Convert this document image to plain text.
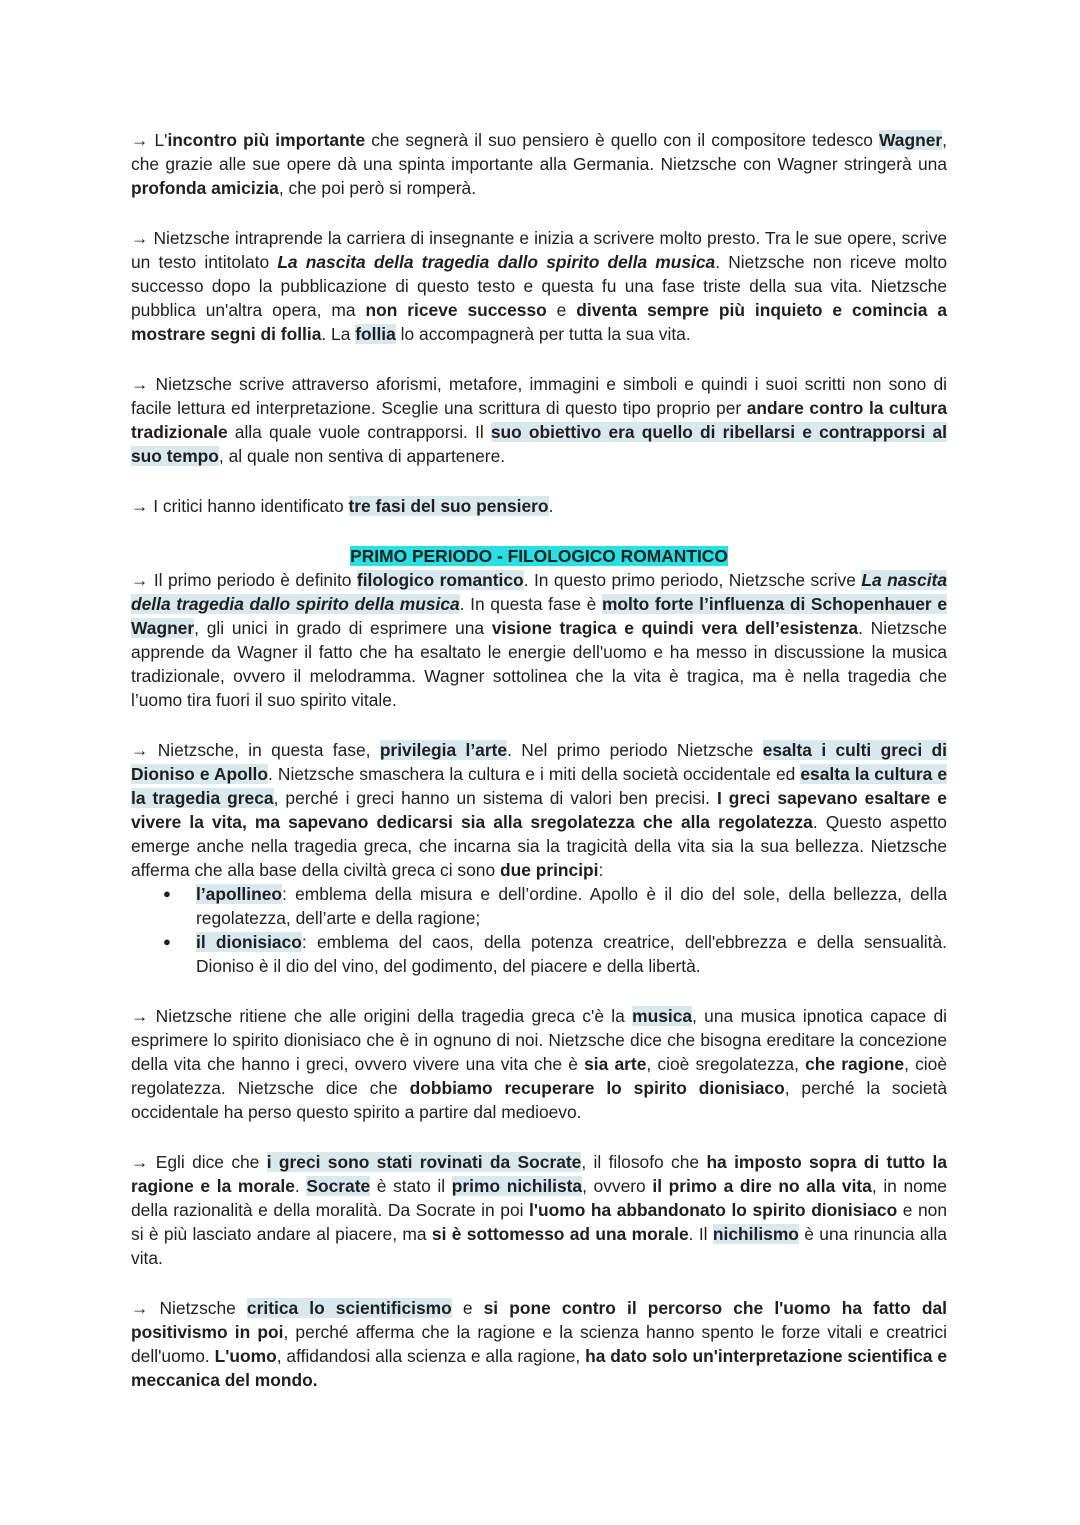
→ L'incontro più importante che segnerà il suo pensiero è quello con il compositore tedesco Wagner, che grazie alle sue opere dà una spinta importante alla Germania. Nietzsche con Wagner stringerà una profonda amicizia, che poi però si romperà.

→ Nietzsche intraprende la carriera di insegnante e inizia a scrivere molto presto. Tra le sue opere, scrive un testo intitolato La nascita della tragedia dallo spirito della musica. Nietzsche non riceve molto successo dopo la pubblicazione di questo testo e questa fu una fase triste della sua vita. Nietzsche pubblica un'altra opera, ma non riceve successo e diventa sempre più inquieto e comincia a mostrare segni di follia. La follia lo accompagnerà per tutta la sua vita.

→ Nietzsche scrive attraverso aforismi, metafore, immagini e simboli e quindi i suoi scritti non sono di facile lettura ed interpretazione. Sceglie una scrittura di questo tipo proprio per andare contro la cultura tradizionale alla quale vuole contrapporsi. Il suo obiettivo era quello di ribellarsi e contrapporsi al suo tempo, al quale non sentiva di appartenere.

→ I critici hanno identificato tre fasi del suo pensiero.

PRIMO PERIODO - FILOLOGICO ROMANTICO

→ Il primo periodo è definito filologico romantico. In questo primo periodo, Nietzsche scrive La nascita della tragedia dallo spirito della musica. In questa fase è molto forte l’influenza di Schopenhauer e Wagner, gli unici in grado di esprimere una visione tragica e quindi vera dell’esistenza. Nietzsche apprende da Wagner il fatto che ha esaltato le energie dell'uomo e ha messo in discussione la musica tradizionale, ovvero il melodramma. Wagner sottolinea che la vita è tragica, ma è nella tragedia che l’uomo tira fuori il suo spirito vitale.

→ Nietzsche, in questa fase, privilegia l’arte. Nel primo periodo Nietzsche esalta i culti greci di Dioniso e Apollo. Nietzsche smaschera la cultura e i miti della società occidentale ed esalta la cultura e la tragedia greca, perché i greci hanno un sistema di valori ben precisi. I greci sapevano esaltare e vivere la vita, ma sapevano dedicarsi sia alla sregolatezza che alla regolatezza. Questo aspetto emerge anche nella tragedia greca, che incarna sia la tragicità della vita sia la sua bellezza. Nietzsche afferma che alla base della civiltà greca ci sono due principi:

● l’apollineo: emblema della misura e dell’ordine. Apollo è il dio del sole, della bellezza, della regolatezza, dell’arte e della ragione;
● il dionisiaco: emblema del caos, della potenza creatrice, dell'ebbrezza e della sensualità. Dioniso è il dio del vino, del godimento, del piacere e della libertà.

→ Nietzsche ritiene che alle origini della tragedia greca c'è la musica, una musica ipnotica capace di esprimere lo spirito dionisiaco che è in ognuno di noi. Nietzsche dice che bisogna ereditare la concezione della vita che hanno i greci, ovvero vivere una vita che è sia arte, cioè sregolatezza, che ragione, cioè regolatezza. Nietzsche dice che dobbiamo recuperare lo spirito dionisiaco, perché la società occidentale ha perso questo spirito a partire dal medioevo.

→ Egli dice che i greci sono stati rovinati da Socrate, il filosofo che ha imposto sopra di tutto la ragione e la morale. Socrate è stato il primo nichilista, ovvero il primo a dire no alla vita, in nome della razionalità e della moralità. Da Socrate in poi l'uomo ha abbandonato lo spirito dionisiaco e non si è più lasciato andare al piacere, ma si è sottomesso ad una morale. Il nichilismo è una rinuncia alla vita.

→ Nietzsche critica lo scientificismo e si pone contro il percorso che l'uomo ha fatto dal positivismo in poi, perché afferma che la ragione e la scienza hanno spento le forze vitali e creatrici dell'uomo. L'uomo, affidandosi alla scienza e alla ragione, ha dato solo un'interpretazione scientifica e meccanica del mondo.
